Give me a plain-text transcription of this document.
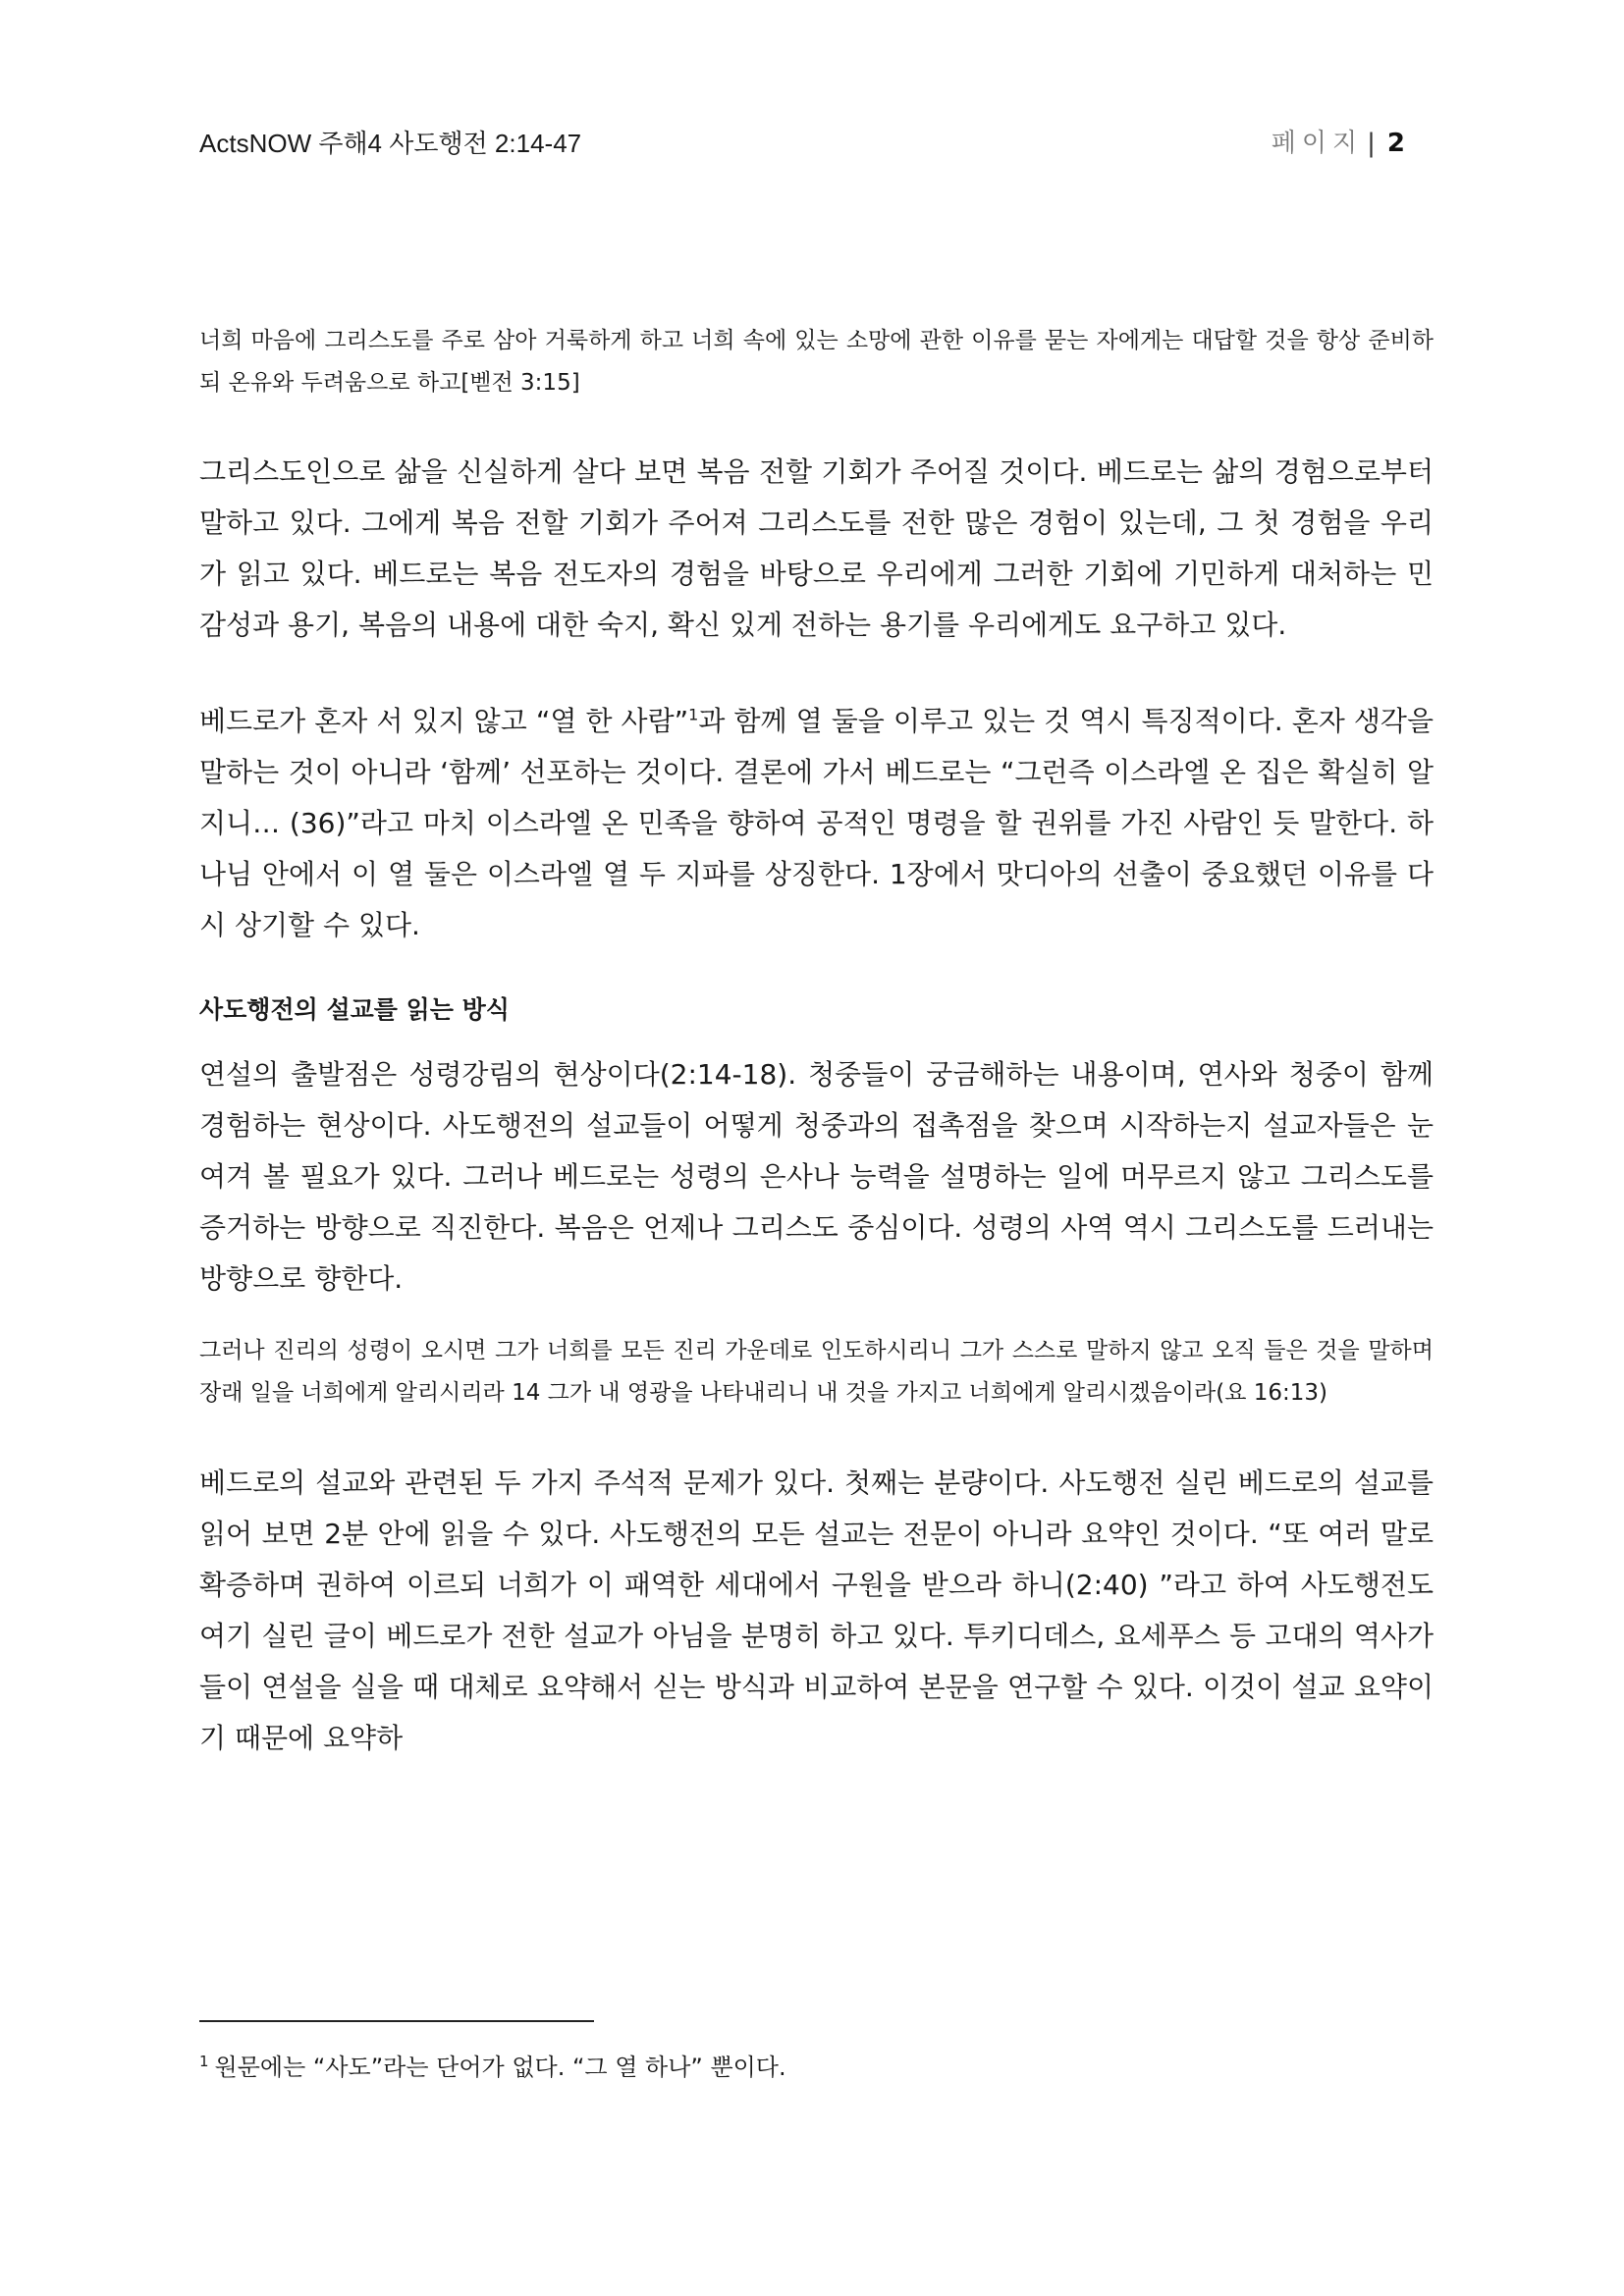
ActsNOW 주해4 사도행전 2:14-47	페이지 | 2

너희 마음에 그리스도를 주로 삼아 거룩하게 하고 너희 속에 있는 소망에 관한 이유를 묻는 자에게는 대답할 것을 항상 준비하되 온유와 두려움으로 하고[벧전 3:15]

그리스도인으로 삶을 신실하게 살다 보면 복음 전할 기회가 주어질 것이다. 베드로는 삶의 경험으로부터 말하고 있다. 그에게 복음 전할 기회가 주어져 그리스도를 전한 많은 경험이 있는데, 그 첫 경험을 우리가 읽고 있다. 베드로는 복음 전도자의 경험을 바탕으로 우리에게 그러한 기회에 기민하게 대처하는 민감성과 용기, 복음의 내용에 대한 숙지, 확신 있게 전하는 용기를 우리에게도 요구하고 있다.

베드로가 혼자 서 있지 않고 “열 한 사람”$^1$과 함께 열 둘을 이루고 있는 것 역시 특징적이다. 혼자 생각을 말하는 것이 아니라 ‘함께’ 선포하는 것이다. 결론에 가서 베드로는 “그런즉 이스라엘 온 집은 확실히 알지니… (36)”라고 마치 이스라엘 온 민족을 향하여 공적인 명령을 할 권위를 가진 사람인 듯 말한다. 하나님 안에서 이 열 둘은 이스라엘 열 두 지파를 상징한다. 1장에서 맛디아의 선출이 중요했던 이유를 다시 상기할 수 있다.

사도행전의 설교를 읽는 방식

연설의 출발점은 성령강림의 현상이다(2:14-18). 청중들이 궁금해하는 내용이며, 연사와 청중이 함께 경험하는 현상이다. 사도행전의 설교들이 어떻게 청중과의 접촉점을 찾으며 시작하는지 설교자들은 눈여겨 볼 필요가 있다. 그러나 베드로는 성령의 은사나 능력을 설명하는 일에 머무르지 않고 그리스도를 증거하는 방향으로 직진한다. 복음은 언제나 그리스도 중심이다. 성령의 사역 역시 그리스도를 드러내는 방향으로 향한다.

그러나 진리의 성령이 오시면 그가 너희를 모든 진리 가운데로 인도하시리니 그가 스스로 말하지 않고 오직 들은 것을 말하며 장래 일을 너희에게 알리시리라 14 그가 내 영광을 나타내리니 내 것을 가지고 너희에게 알리시겠음이라(요 16:13)

베드로의 설교와 관련된 두 가지 주석적 문제가 있다. 첫째는 분량이다. 사도행전 실린 베드로의 설교를 읽어 보면 2분 안에 읽을 수 있다. 사도행전의 모든 설교는 전문이 아니라 요약인 것이다. “또 여러 말로 확증하며 권하여 이르되 너희가 이 패역한 세대에서 구원을 받으라 하니(2:40) ”라고 하여 사도행전도 여기 실린 글이 베드로가 전한 설교가 아님을 분명히 하고 있다. 투키디데스, 요세푸스 등 고대의 역사가들이 연설을 실을 때 대체로 요약해서 싣는 방식과 비교하여 본문을 연구할 수 있다. 이것이 설교 요약이기 때문에 요약하

$^1$ 원문에는 “사도”라는 단어가 없다. “그 열 하나” 뿐이다.
